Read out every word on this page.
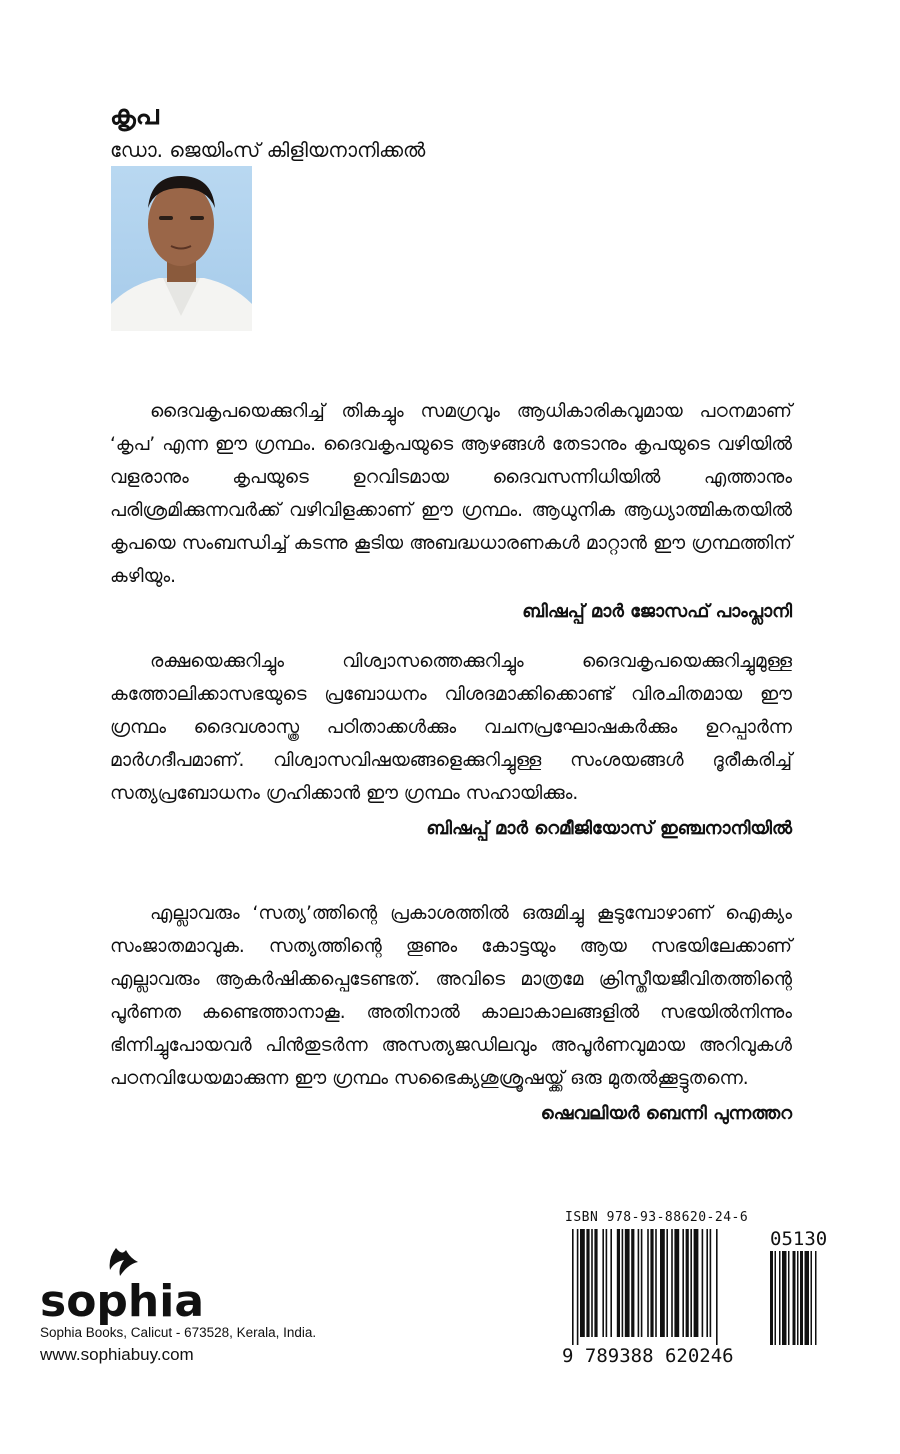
കൃപ
ഡോ. ജെയിംസ് കിളിയനാനിക്കൽ

ദൈവകൃപയെക്കുറിച്ച് തികച്ചും സമഗ്രവും ആധികാരികവുമായ പഠനമാണ് ‘കൃപ’ എന്ന ഈ ഗ്രന്ഥം. ദൈവകൃപയുടെ ആഴങ്ങൾ തേടാനും കൃപയുടെ വഴിയിൽ വളരാനും കൃപയുടെ ഉറവിടമായ ദൈവസന്നിധിയിൽ എത്താനും പരിശ്രമിക്കുന്നവർക്ക് വഴിവിളക്കാണ് ഈ ഗ്രന്ഥം. ആധുനിക ആധ്യാത്മികതയിൽ കൃപയെ സംബന്ധിച്ച് കടന്നു കൂടിയ അബദ്ധധാരണകൾ മാറ്റാൻ ഈ ഗ്രന്ഥത്തിന് കഴിയും.

ബിഷപ്പ് മാർ ജോസഫ് പാംപ്ലാനി

രക്ഷയെക്കുറിച്ചും വിശ്വാസത്തെക്കുറിച്ചും ദൈവകൃപയെക്കുറിച്ചുമുള്ള കത്തോലിക്കാസഭയുടെ പ്രബോധനം വിശദമാക്കിക്കൊണ്ട് വിരചിതമായ ഈ ഗ്രന്ഥം ദൈവശാസ്ത്ര പഠിതാക്കൾക്കും വചനപ്രഘോഷകർക്കും ഉറപ്പാർന്ന മാർഗദീപമാണ്. വിശ്വാസവിഷയങ്ങളെക്കുറിച്ചുള്ള സംശയങ്ങൾ ദൂരീകരിച്ച് സത്യപ്രബോധനം ഗ്രഹിക്കാൻ ഈ ഗ്രന്ഥം സഹായിക്കും.

ബിഷപ്പ് മാർ റെമീജിയോസ് ഇഞ്ചനാനിയിൽ

എല്ലാവരും ‘സത്യ’ത്തിന്റെ പ്രകാശത്തിൽ ഒരുമിച്ചു കൂടുമ്പോഴാണ് ഐക്യം സംജാതമാവുക. സത്യത്തിന്റെ തൂണും കോട്ടയും ആയ സഭയിലേക്കാണ് എല്ലാവരും ആകർഷിക്കപ്പെടേണ്ടത്. അവിടെ മാത്രമേ ക്രിസ്തീയജീവിതത്തിന്റെ പൂർണത കണ്ടെത്താനാകൂ. അതിനാൽ കാലാകാലങ്ങളിൽ സഭയിൽനിന്നും ഭിന്നിച്ചുപോയവർ പിൻതുടർന്ന അസത്യജഡിലവും അപൂർണവുമായ അറിവുകൾ പഠനവിധേയമാക്കുന്ന ഈ ഗ്രന്ഥം സഭൈക്യശുശ്രൂഷയ്ക്ക് ഒരു മുതൽക്കൂട്ടുതന്നെ.

ഷെവലിയർ ബെന്നി പുന്നത്തറ
sophia
Sophia Books, Calicut - 673528, Kerala, India.
www.sophiabuy.com
ISBN 978-93-88620-24-6
05130
9 789388 620246
